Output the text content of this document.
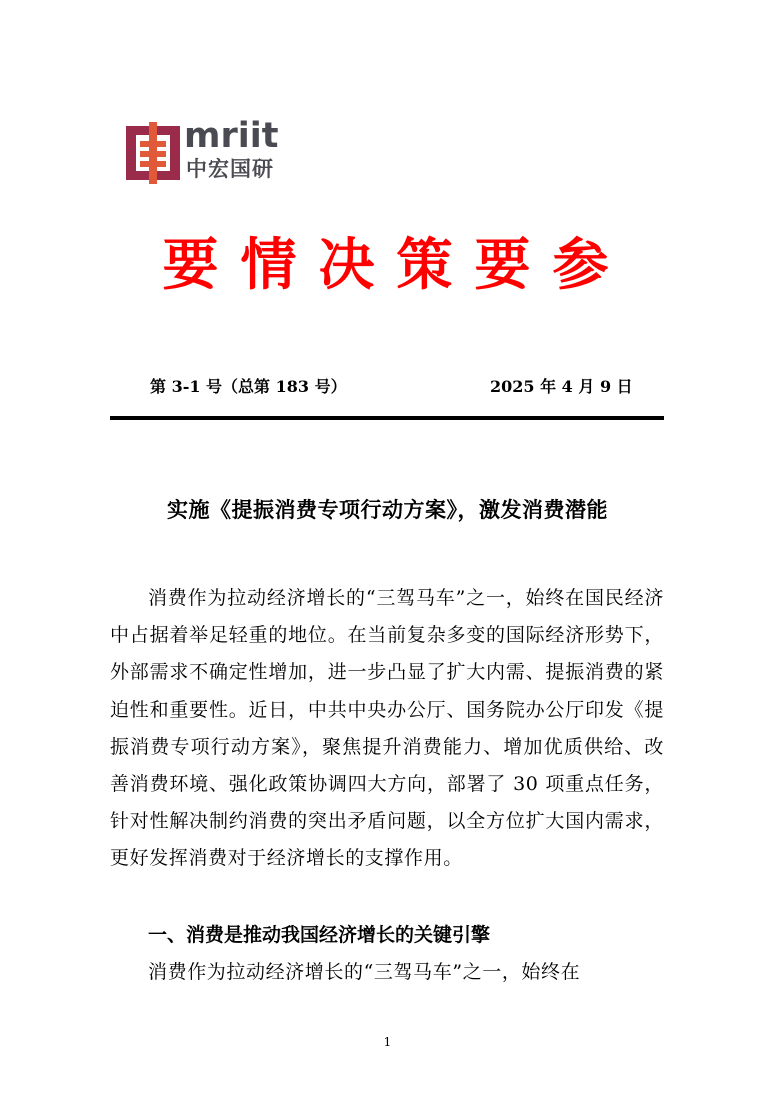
mriit
中宏国研
要情决策要参
第 3-1 号（总第 183 号）	2025 年 4 月 9 日
实施《提振消费专项行动方案》，激发消费潜能

消费作为拉动经济增长的“三驾马车”之一，始终在国民经济中占据着举足轻重的地位。在当前复杂多变的国际经济形势下，外部需求不确定性增加，进一步凸显了扩大内需、提振消费的紧迫性和重要性。近日，中共中央办公厅、国务院办公厅印发《提振消费专项行动方案》，聚焦提升消费能力、增加优质供给、改善消费环境、强化政策协调四大方向，部署了 30 项重点任务，针对性解决制约消费的突出矛盾问题，以全方位扩大国内需求，更好发挥消费对于经济增长的支撑作用。

一、消费是推动我国经济增长的关键引擎

消费作为拉动经济增长的“三驾马车”之一，始终在

1
